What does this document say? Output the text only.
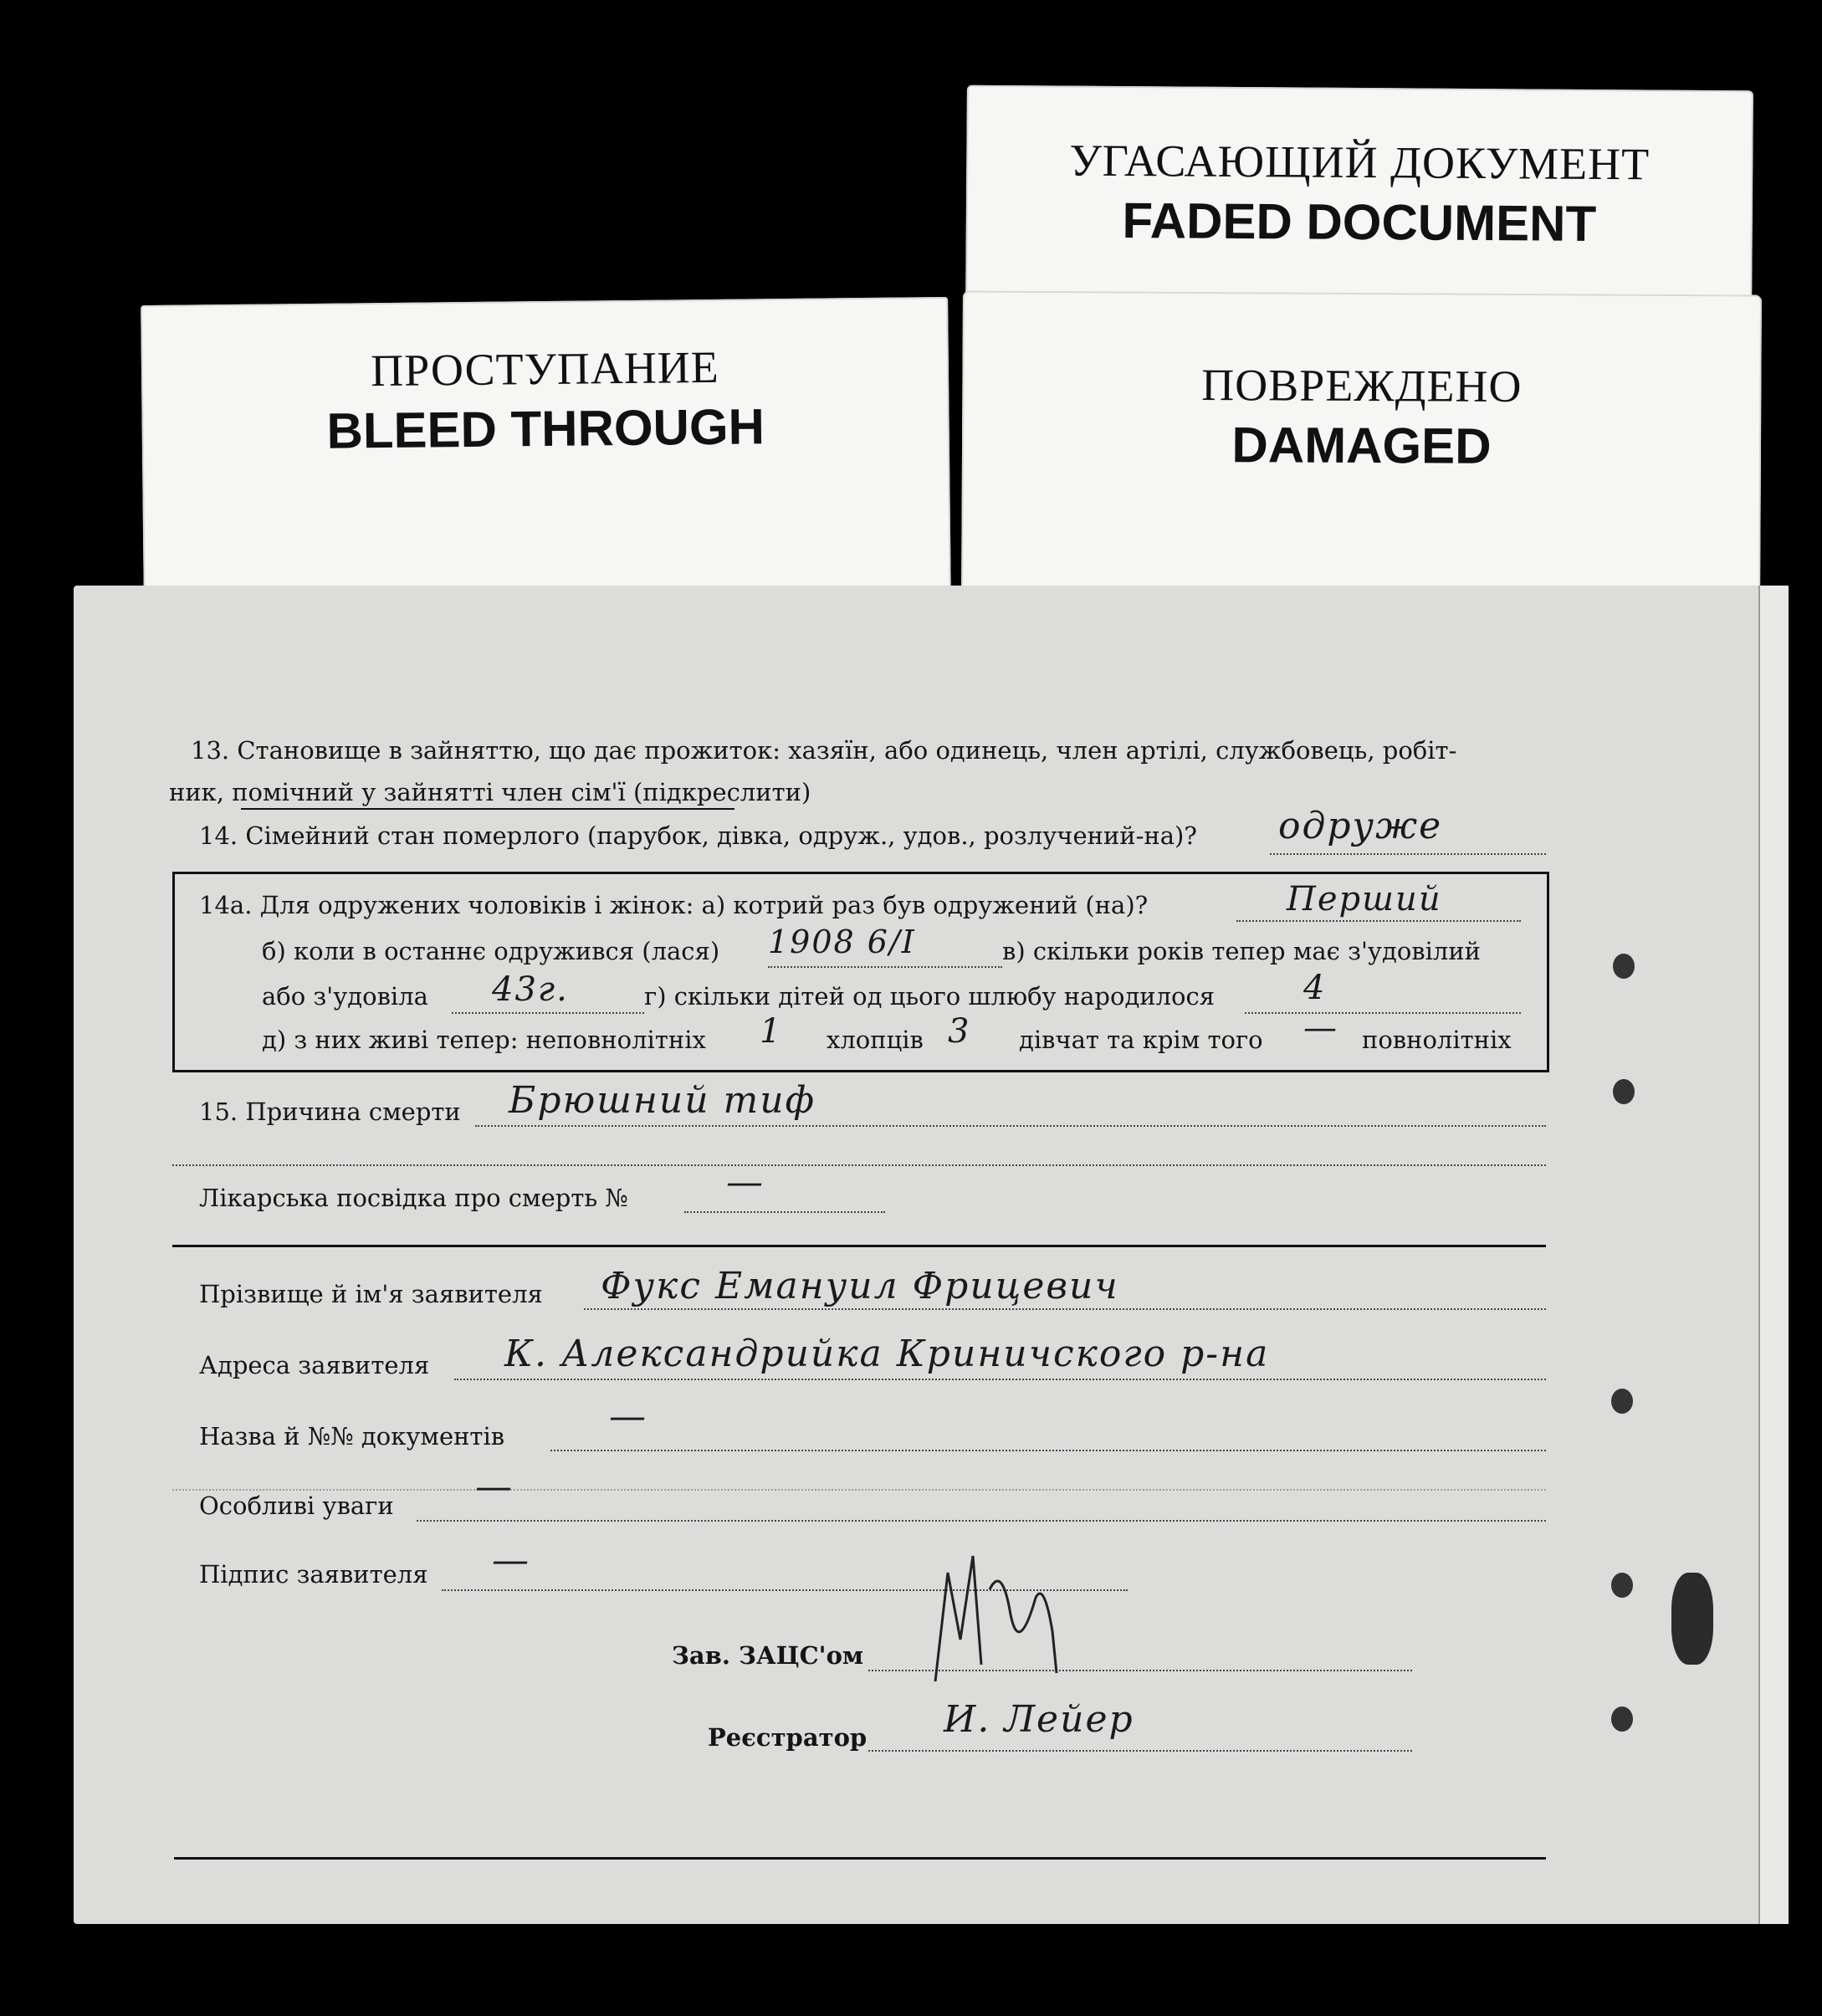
УГАСАЮЩИЙ ДОКУМЕНТ
FADED DOCUMENT
ПРОСТУПАНИЕ
BLEED THROUGH
ПОВРЕЖДЕНО
DAMAGED
13. Становище в зайняттю, що дає прожиток: хазяїн, або одинець, член артілі, службовець, робіт-
ник, помічний у зайнятті член сім'ї (підкреслити)
14. Сімейний стан померлого (парубок, дівка, одруж., удов., розлучений-на)? одруже
14а. Для одружених чоловіків і жінок: а) котрий раз був одружений (на)?	Перший
б) коли в останнє одружився (лася) 1908 6/I	в) скільки років тепер має з'удовілий
або з'удовіла 43г.	г) скільки дітей од цього шлюбу народилося	4
д) з них живі тепер: неповнолітніх 1 хлопців 3 дівчат та крім того — повнолітніх
15. Причина смерти Брюшний тиф
Лікарська посвідка про смерть №	—
Прізвище й ім'я заявителя Фукс Емануил Фрицевич
Адреса заявителя К. Александрийка Криничского р-на
Назва й №№ документів	—
Особливі уваги —
Підпис заявителя —
Зав. ЗАЦС'ом
Реєстратор И. Лейер
